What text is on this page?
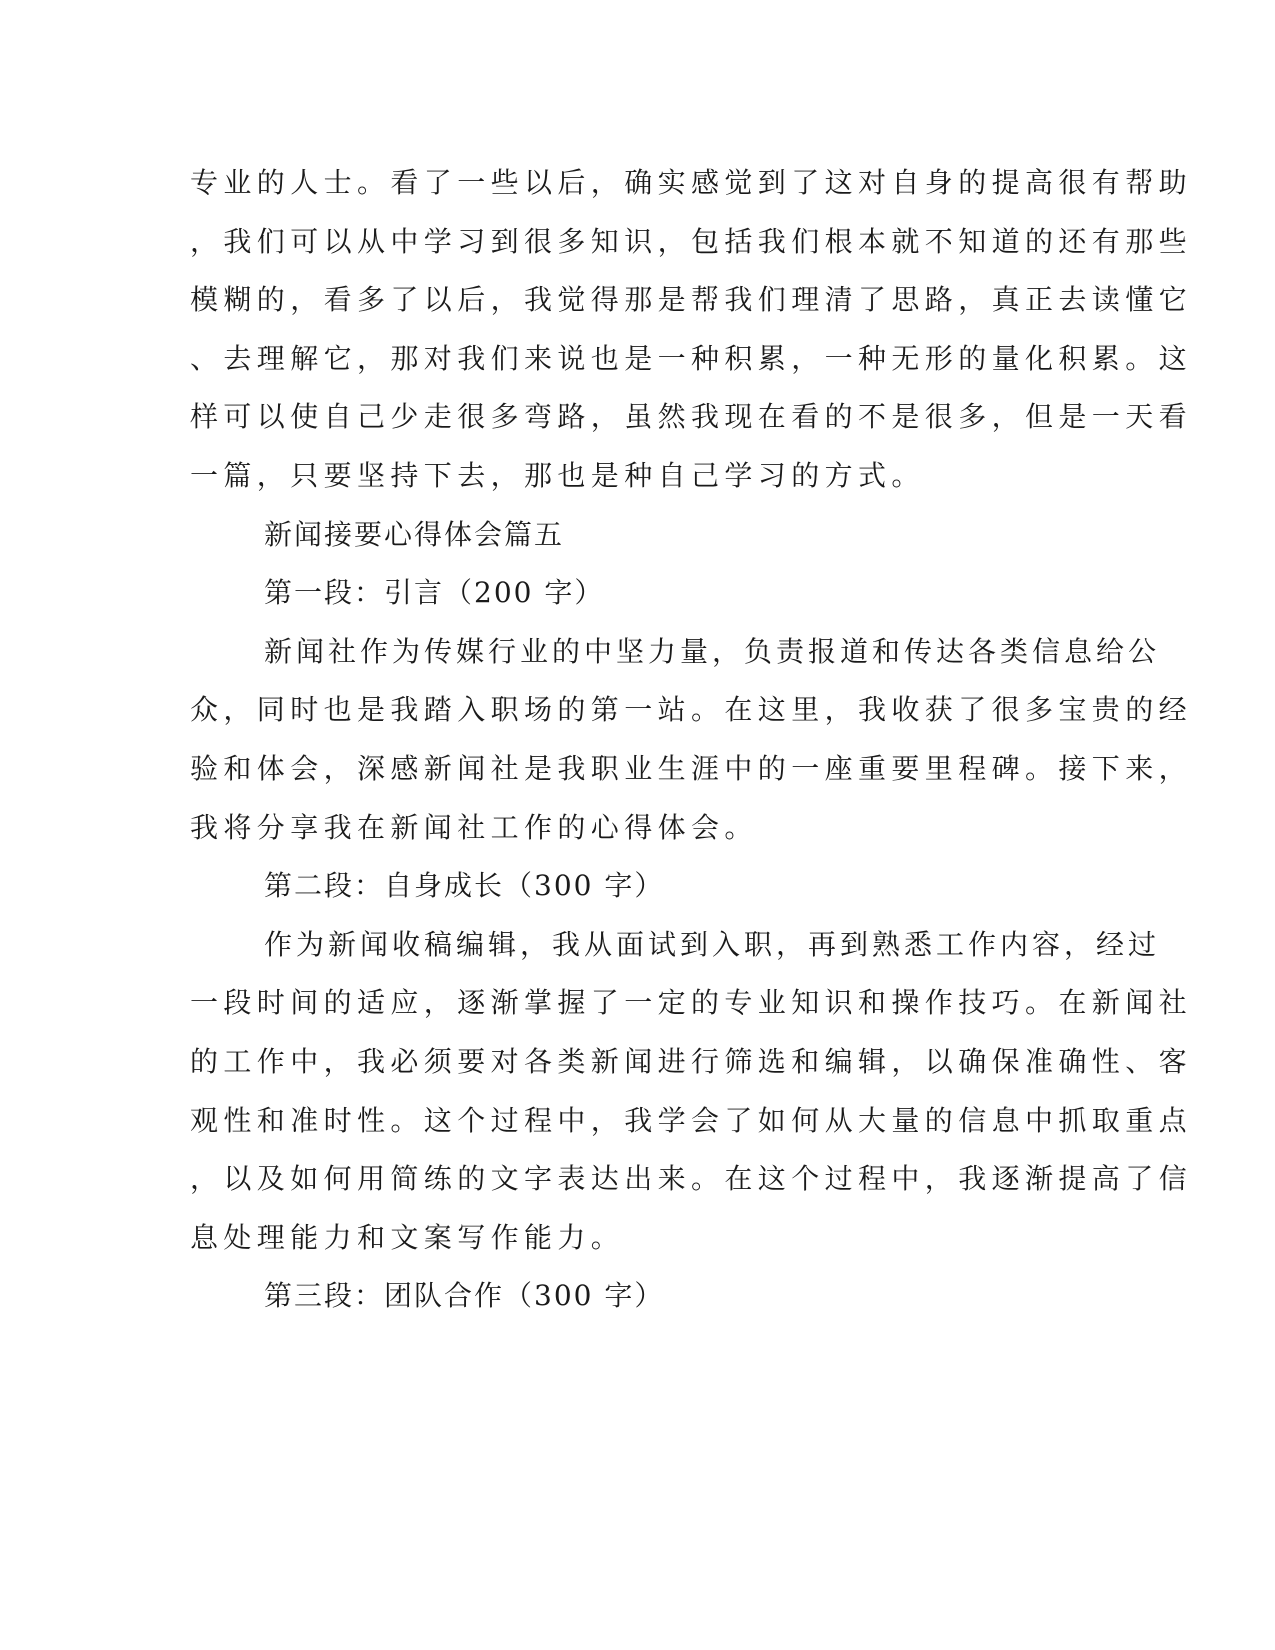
专业的人士。看了一些以后，确实感觉到了这对自身的提高很有帮助
，我们可以从中学习到很多知识，包括我们根本就不知道的还有那些
模糊的，看多了以后，我觉得那是帮我们理清了思路，真正去读懂它
、去理解它，那对我们来说也是一种积累，一种无形的量化积累。这
样可以使自己少走很多弯路，虽然我现在看的不是很多，但是一天看
一篇，只要坚持下去，那也是种自己学习的方式。
新闻接要心得体会篇五
第一段：引言（200 字）
新闻社作为传媒行业的中坚力量，负责报道和传达各类信息给公
众，同时也是我踏入职场的第一站。在这里，我收获了很多宝贵的经
验和体会，深感新闻社是我职业生涯中的一座重要里程碑。接下来，
我将分享我在新闻社工作的心得体会。
第二段：自身成长（300 字）
作为新闻收稿编辑，我从面试到入职，再到熟悉工作内容，经过
一段时间的适应，逐渐掌握了一定的专业知识和操作技巧。在新闻社
的工作中，我必须要对各类新闻进行筛选和编辑，以确保准确性、客
观性和准时性。这个过程中，我学会了如何从大量的信息中抓取重点
，以及如何用简练的文字表达出来。在这个过程中，我逐渐提高了信
息处理能力和文案写作能力。
第三段：团队合作（300 字）
